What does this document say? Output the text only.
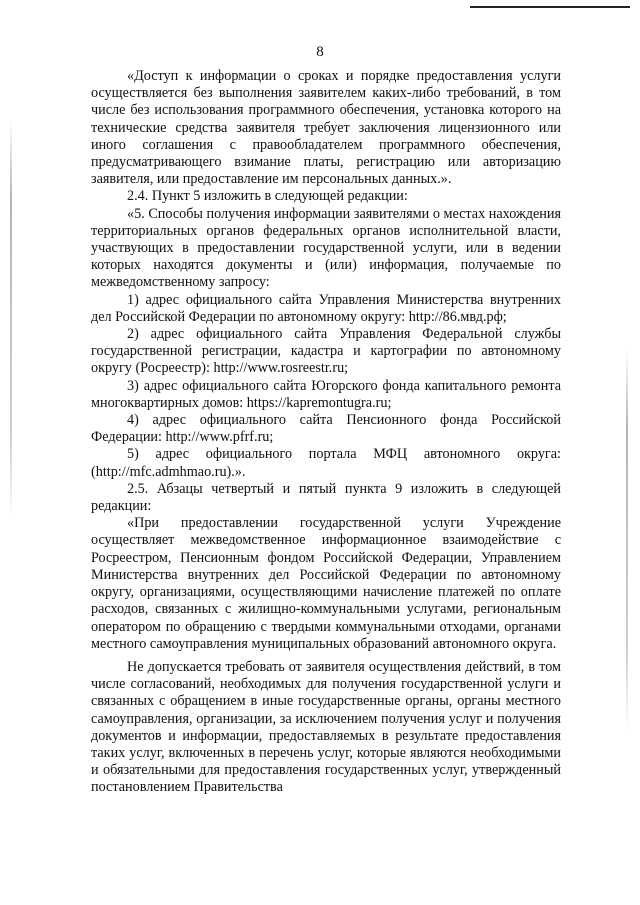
8

«Доступ к информации о сроках и порядке предоставления услуги осуществляется без выполнения заявителем каких-либо требований, в том числе без использования программного обеспечения, установка которого на технические средства заявителя требует заключения лицензионного или иного соглашения с правообладателем программного обеспечения, предусматривающего взимание платы, регистрацию или авторизацию заявителя, или предоставление им персональных данных.».

2.4. Пункт 5 изложить в следующей редакции:

«5. Способы получения информации заявителями о местах нахождения территориальных органов федеральных органов исполнительной власти, участвующих в предоставлении государственной услуги, или в ведении которых находятся документы и (или) информация, получаемые по межведомственному запросу:

1) адрес официального сайта Управления Министерства внутренних дел Российской Федерации по автономному округу: http://86.мвд.рф;

2) адрес официального сайта Управления Федеральной службы государственной регистрации, кадастра и картографии по автономному округу (Росреестр): http://www.rosreestr.ru;

3) адрес официального сайта Югорского фонда капитального ремонта многоквартирных домов: https://kapremontugra.ru;

4) адрес официального сайта Пенсионного фонда Российской Федерации: http://www.pfrf.ru;

5) адрес официального портала МФЦ автономного округа: (http://mfc.admhmao.ru).».

2.5. Абзацы четвертый и пятый пункта 9 изложить в следующей редакции:

«При предоставлении государственной услуги Учреждение осуществляет межведомственное информационное взаимодействие с Росреестром, Пенсионным фондом Российской Федерации, Управлением Министерства внутренних дел Российской Федерации по автономному округу, организациями, осуществляющими начисление платежей по оплате расходов, связанных с жилищно-коммунальными услугами, региональным оператором по обращению с твердыми коммунальными отходами, органами местного самоуправления муниципальных образований автономного округа.

Не допускается требовать от заявителя осуществления действий, в том числе согласований, необходимых для получения государственной услуги и связанных с обращением в иные государственные органы, органы местного самоуправления, организации, за исключением получения услуг и получения документов и информации, предоставляемых в результате предоставления таких услуг, включенных в перечень услуг, которые являются необходимыми и обязательными для предоставления государственных услуг, утвержденный постановлением Правительства
